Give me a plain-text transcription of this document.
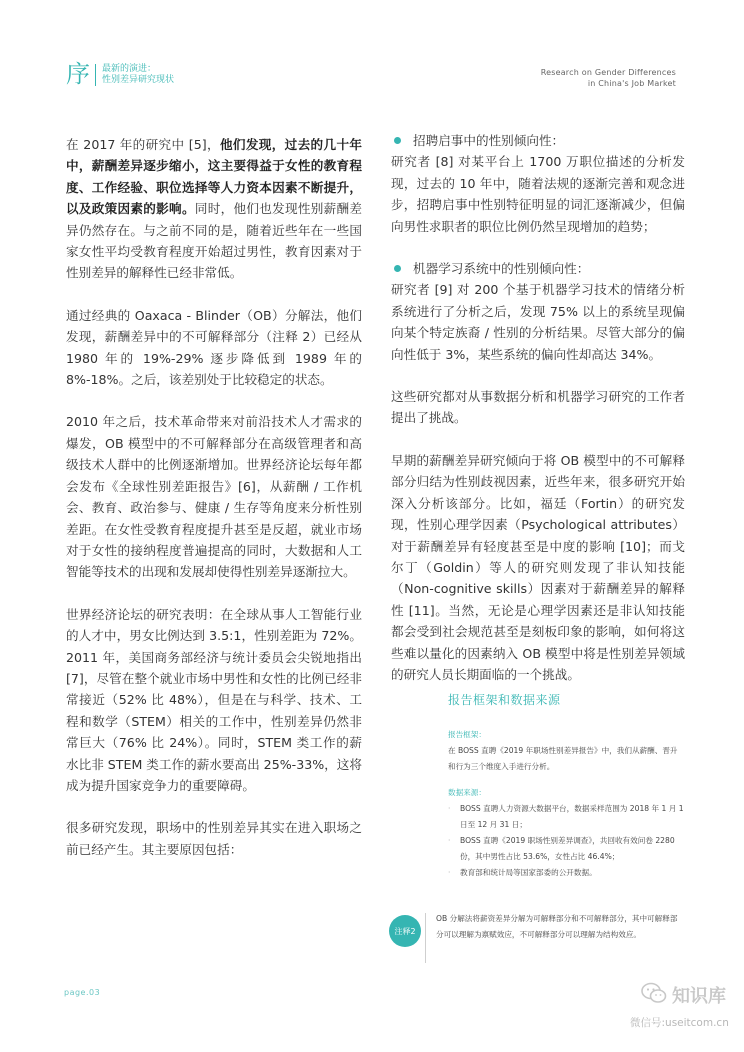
序 最新的演进：
性别差异研究现状
Research on Gender Differences
in China's Job Market

在 2017 年的研究中 [5]，他们发现，过去的几十年中，薪酬差异逐步缩小，这主要得益于女性的教育程度、工作经验、职位选择等人力资本因素不断提升，以及政策因素的影响。同时，他们也发现性别薪酬差异仍然存在。与之前不同的是，随着近些年在一些国家女性平均受教育程度开始超过男性，教育因素对于性别差异的解释性已经非常低。

通过经典的 Oaxaca - Blinder（OB）分解法，他们发现，薪酬差异中的不可解释部分（注释 2）已经从 1980 年的 19%-29% 逐步降低到 1989 年的 8%-18%。之后，该差别处于比较稳定的状态。

2010 年之后，技术革命带来对前沿技术人才需求的爆发，OB 模型中的不可解释部分在高级管理者和高级技术人群中的比例逐渐增加。世界经济论坛每年都会发布《全球性别差距报告》[6]，从薪酬 / 工作机会、教育、政治参与、健康 / 生存等角度来分析性别差距。在女性受教育程度提升甚至是反超，就业市场对于女性的接纳程度普遍提高的同时，大数据和人工智能等技术的出现和发展却使得性别差异逐渐拉大。

世界经济论坛的研究表明：在全球从事人工智能行业的人才中，男女比例达到 3.5:1，性别差距为 72%。2011 年，美国商务部经济与统计委员会尖锐地指出 [7]，尽管在整个就业市场中男性和女性的比例已经非常接近（52% 比 48%），但是在与科学、技术、工程和数学（STEM）相关的工作中，性别差异仍然非常巨大（76% 比 24%）。同时，STEM 类工作的薪水比非 STEM 类工作的薪水要高出 25%-33%，这将成为提升国家竞争力的重要障碍。

很多研究发现，职场中的性别差异其实在进入职场之前已经产生。其主要原因包括：

招聘启事中的性别倾向性：

研究者 [8] 对某平台上 1700 万职位描述的分析发现，过去的 10 年中，随着法规的逐渐完善和观念进步，招聘启事中性别特征明显的词汇逐渐减少，但偏向男性求职者的职位比例仍然呈现增加的趋势；

机器学习系统中的性别倾向性：

研究者 [9] 对 200 个基于机器学习技术的情绪分析系统进行了分析之后，发现 75% 以上的系统呈现偏向某个特定族裔 / 性别的分析结果。尽管大部分的偏向性低于 3%，某些系统的偏向性却高达 34%。

这些研究都对从事数据分析和机器学习研究的工作者提出了挑战。

早期的薪酬差异研究倾向于将 OB 模型中的不可解释部分归结为性别歧视因素，近些年来，很多研究开始深入分析该部分。比如，福廷（Fortin）的研究发现，性别心理学因素（Psychological attributes）对于薪酬差异有轻度甚至是中度的影响 [10]；而戈尔丁（Goldin）等人的研究则发现了非认知技能（Non-cognitive skills）因素对于薪酬差异的解释性 [11]。当然，无论是心理学因素还是非认知技能都会受到社会规范甚至是刻板印象的影响，如何将这些难以量化的因素纳入 OB 模型中将是性别差异领域的研究人员长期面临的一个挑战。

报告框架和数据来源
报告框架：
在 BOSS 直聘《2019 年职场性别差异报告》中，我们从薪酬、晋升和行为三个维度入手进行分析。
数据来源：
·	BOSS 直聘人力资源大数据平台，数据采样范围为 2018 年 1 月 1 日至 12 月 31 日；
·	BOSS 直聘《2019 职场性别差异调查》，共回收有效问卷 2280 份，其中男性占比 53.6%，女性占比 46.4%；
·	教育部和统计局等国家部委的公开数据。
注释2
OB 分解法将薪资差异分解为可解释部分和不可解释部分，其中可解释部分可以理解为禀赋效应，不可解释部分可以理解为结构效应。
page.03	知识库
微信号:useitcom.cn
